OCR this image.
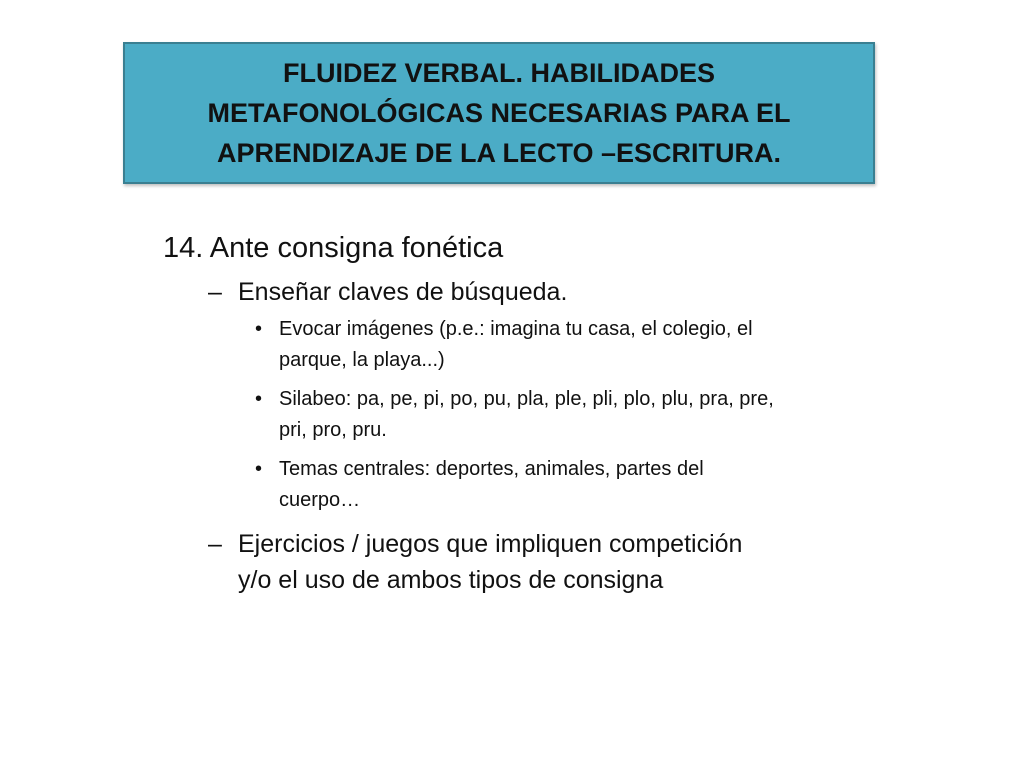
FLUIDEZ VERBAL. HABILIDADES
METAFONOLÓGICAS NECESARIAS PARA EL
APRENDIZAJE DE LA LECTO –ESCRITURA.

14. Ante consigna fonética

– Enseñar claves de búsqueda.

• Evocar imágenes (p.e.: imagina tu casa, el colegio, el parque, la playa...)

• Silabeo: pa, pe, pi, po, pu, pla, ple, pli, plo, plu, pra, pre, pri, pro, pru.

• Temas centrales: deportes, animales, partes del cuerpo…

– Ejercicios / juegos que impliquen competición y/o el uso de ambos tipos de consigna
